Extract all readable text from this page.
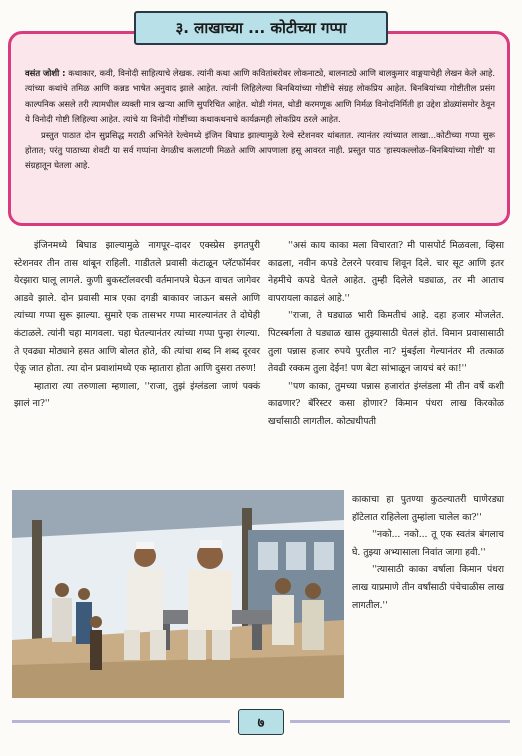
वसंत जोशी : कथाकार, कवी, विनोदी साहित्याचे लेखक. त्यांनी कथा आणि कवितांबरोबर लोकनाट्ये, बालनाट्ये आणि बालकुमार वाङ्मयाचेही लेखन केले आहे. त्यांच्या कथांचे तमिळ आणि कन्नड भाषेत अनुवाद झाले आहेत. त्यांनी लिहिलेल्या बिनबियांच्या गोष्टींचे संग्रह लोकप्रिय आहेत. बिनबियांच्या गोष्टीतील प्रसंग काल्पनिक असले तरी त्यामधील व्यक्ती मात्र खऱ्या आणि सुपरिचित आहेत. थोडी गंमत, थोडी करमणूक आणि निर्मळ विनोदनिर्मिती हा उद्देश डोळ्यांसमोर ठेवून ये विनोदी गोष्टी लिहिल्या आहेत. त्यांचे या विनोदी गोष्टींच्या कथाकथनाचे कार्यक्रमही लोकप्रिय ठरले आहेत.

प्रस्तुत पाठात दोन सुप्रसिद्ध मराठी अभिनेते रेल्वेमध्ये इंजिन बिघाड झाल्यामुळे रेल्वे स्टेशनवर थांबतात. त्यानंतर त्यांच्यात लाखा...कोटीच्या गप्पा सुरू होतात; परंतु पाठाच्या शेवटी या सर्व गप्पांना वेगळीच कलाटणी मिळते आणि आपणाला हसू आवरत नाही. प्रस्तुत पाठ 'हास्यकल्लोळ–बिनबियांच्या गोष्टी' या संग्रहातून घेतला आहे.

३. लाखाच्या ... कोटीच्या गप्पा

इंजिनमध्ये बिघाड झाल्यामुळे नागपूर–दादर एक्स्प्रेस इगतपुरी स्टेशनवर तीन तास थांबून राहिली. गाडीतले प्रवासी कंटाळून प्लॅटफॉर्मवर येरझारा घालू लागले. कुणी बुकस्टॉलवरची वर्तमानपत्रे घेऊन वाचत जागेवर आडवे झाले. दोन प्रवासी मात्र एका दगडी बाकावर जाऊन बसले आणि त्यांच्या गप्पा सुरू झाल्या. सुमारे एक तासभर गप्पा मारल्यानंतर ते दोघेही कंटाळले. त्यांनी चहा मागवला. चहा घेतल्यानंतर त्यांच्या गप्पा पुन्हा रंगल्या. ते एवढ्या मोठ्याने हसत आणि बोलत होते, की त्यांचा शब्द नि शब्द दूरवर ऐकू जात होता. त्या दोन प्रवाशांमध्ये एक म्हातारा होता आणि दुसरा तरुण!

म्हातारा त्या तरुणाला म्हणाला, ''राजा, तुझं इंग्लंडला जाणं पक्कं झालं ना?''

''असं काय काका मला विचारता? मी पासपोर्ट मिळवला, व्हिसा काढला, नवीन कपडे टेलरने परवाच शिवून दिले. चार सूट आणि इतर नेहमीचे कपडे घेतले आहेत. तुम्ही दिलेले घड्याळ, तर मी आताच वापरायला काढलं आहे.''

''राजा, ते घड्याळ भारी किमतीचं आहे. दहा हजार मोजलेत. पिटस्बर्गला ते घड्याळ खास तुझ्यासाठी घेतलं होतं. विमान प्रवासासाठी तुला पन्नास हजार रुपये पुरतील ना? मुंबईला गेल्यानंतर मी तत्काळ तेवढी रक्कम तुला देईन! पण बेटा सांभाळून जायचं बरं का!''

''पण काका, तुमच्या पन्नास हजारांत इंग्लंडला मी तीन वर्षे कशी काढणार? बॅरिस्टर कसा होणार? किमान पंधरा लाख किरकोळ खर्चासाठी लागतील. कोट्यधीपती

काकाचा हा पुतण्या कुठल्यातरी घाणेरड्या हॉटेलात राहिलेला तुम्हांला चालेल का?''

''नको... नको... तू एक स्वतंत्र बंगलाच घे. तुझ्या अभ्यासाला निवांत जागा हवी.''

''त्यासाठी काका वर्षाला किमान पंधरा लाख याप्रमाणे तीन वर्षांसाठी पंचेचाळीस लाख लागतील.''

७
